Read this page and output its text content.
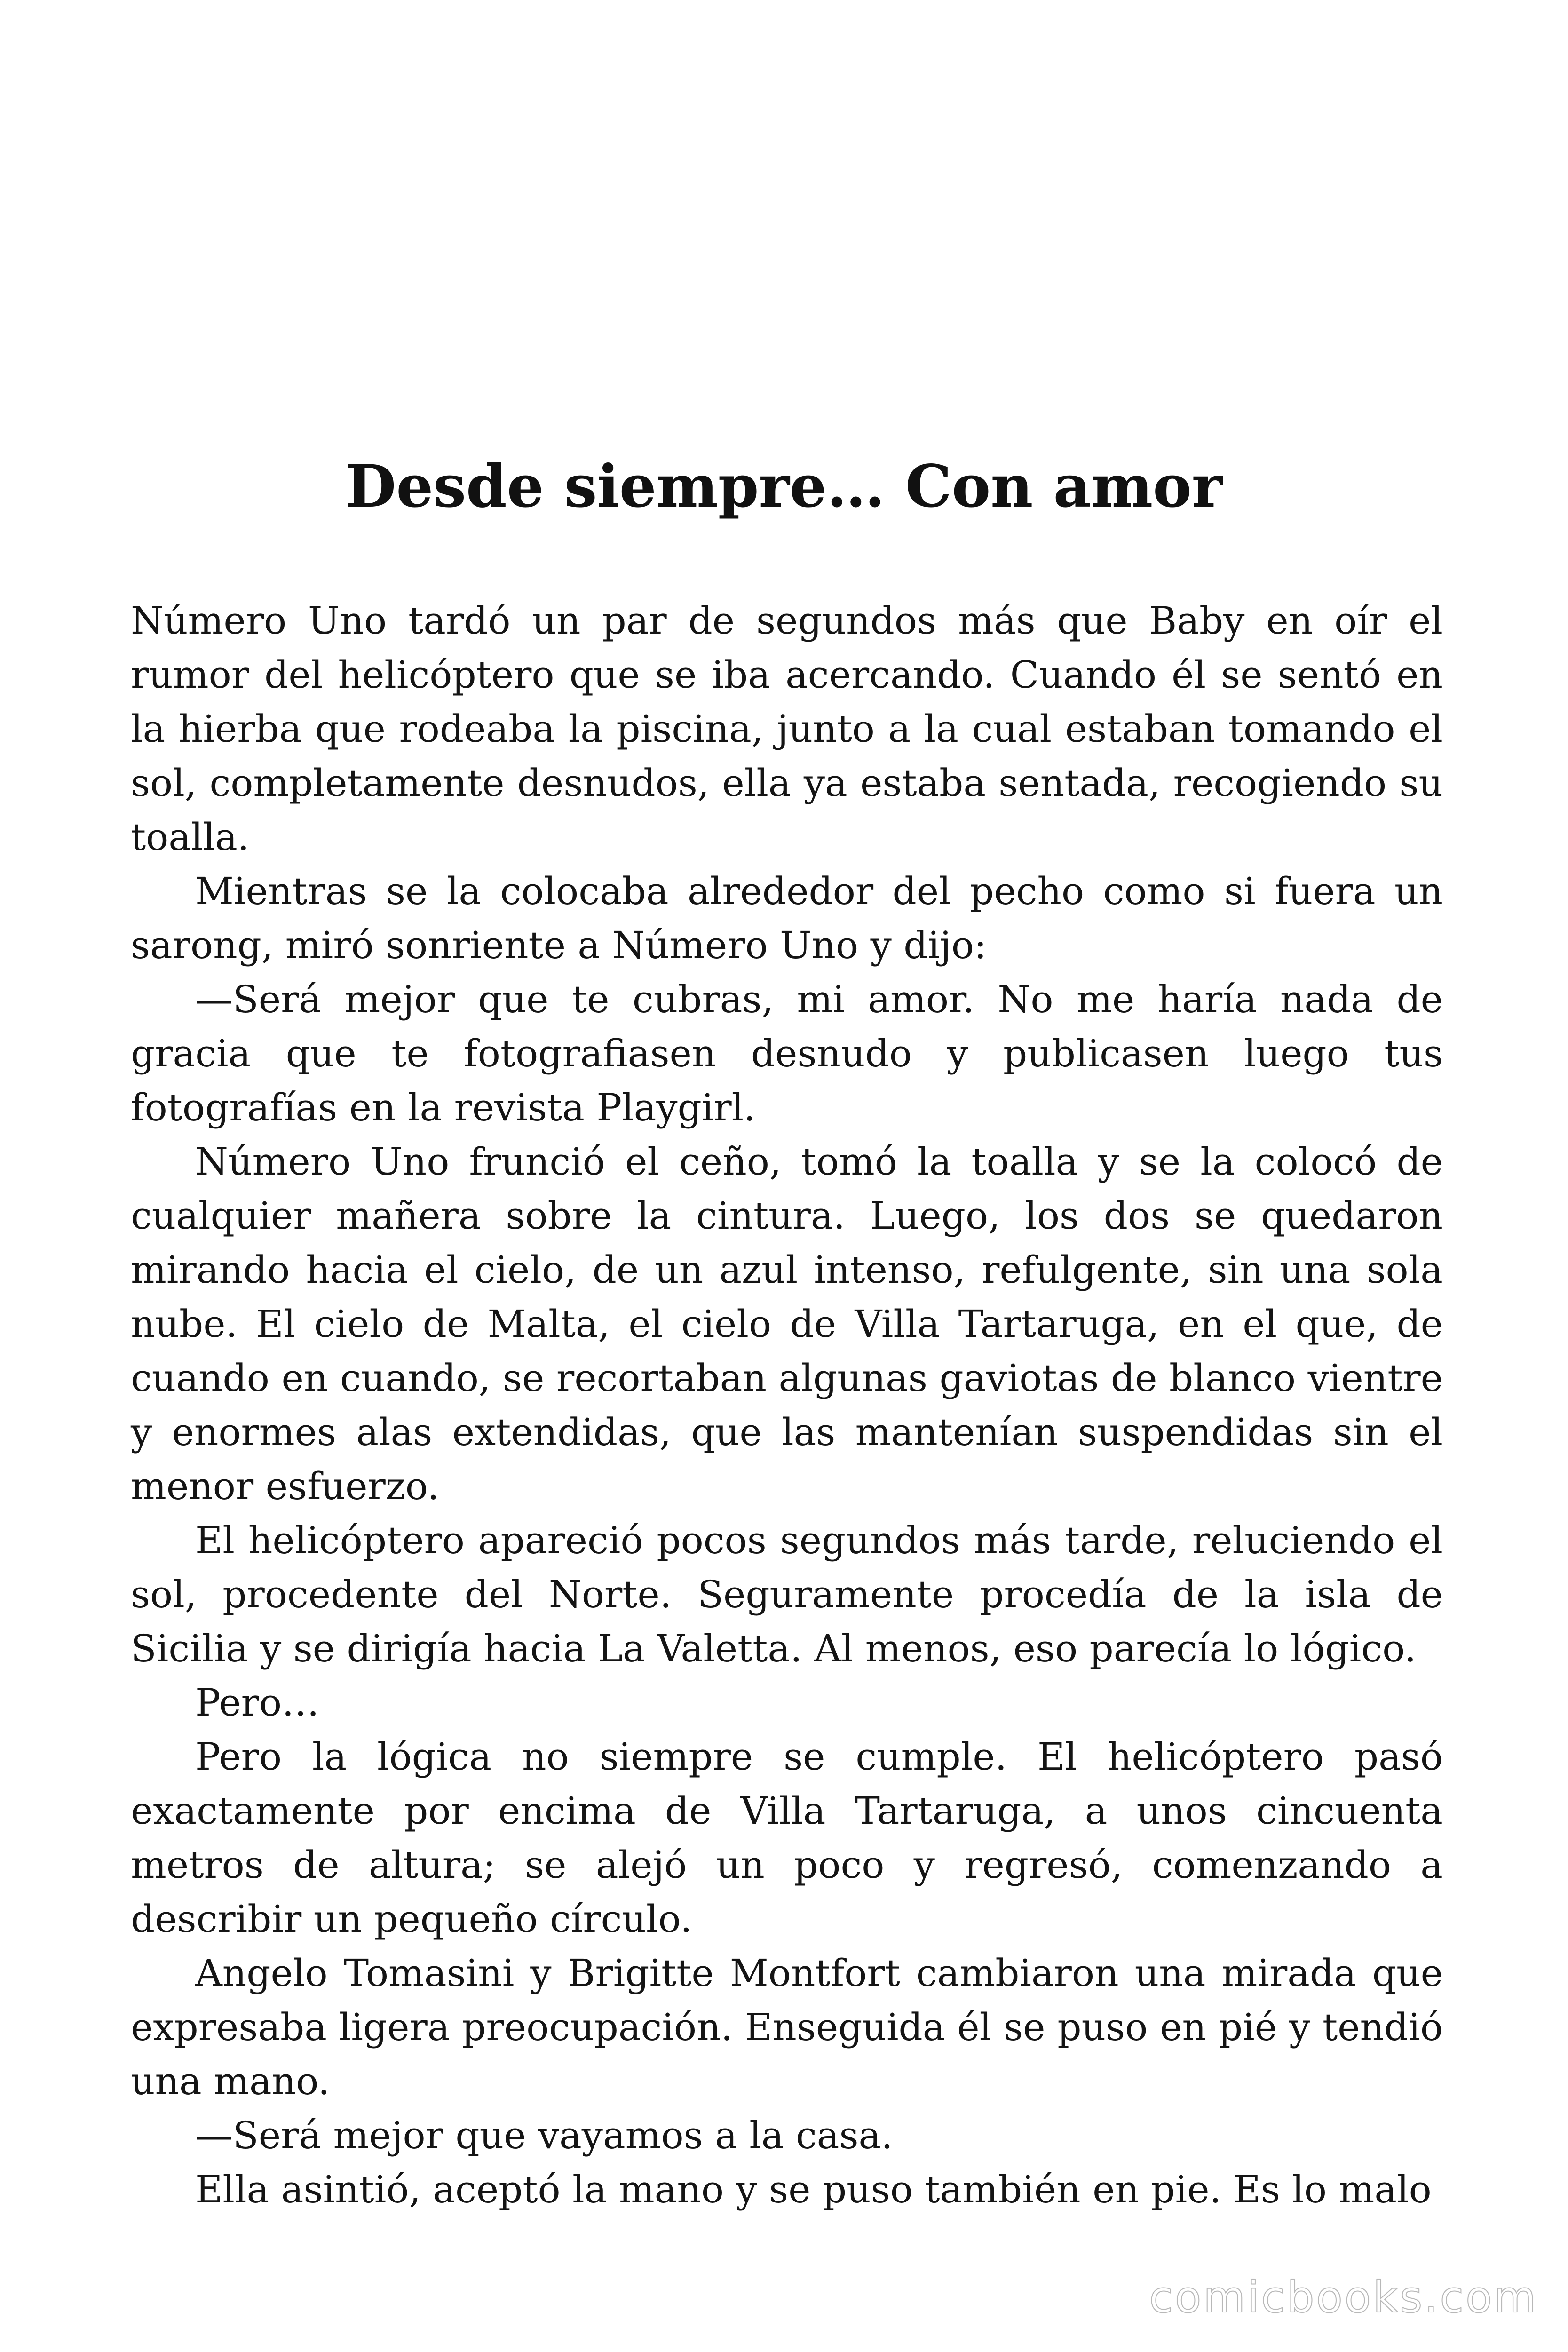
Desde siempre… Con amor

Número Uno tardó un par de segundos más que Baby en oír el rumor del helicóptero que se iba acercando. Cuando él se sentó en la hierba que rodeaba la piscina, junto a la cual estaban tomando el sol, completamente desnudos, ella ya estaba sentada, recogiendo su toalla.

Mientras se la colocaba alrededor del pecho como si fuera un sarong, miró sonriente a Número Uno y dijo:

—Será mejor que te cubras, mi amor. No me haría nada de gracia que te fotografiasen desnudo y publicasen luego tus fotografías en la revista Playgirl.

Número Uno frunció el ceño, tomó la toalla y se la colocó de cualquier mañera sobre la cintura. Luego, los dos se quedaron mirando hacia el cielo, de un azul intenso, refulgente, sin una sola nube. El cielo de Malta, el cielo de Villa Tartaruga, en el que, de cuando en cuando, se recortaban algunas gaviotas de blanco vientre y enormes alas extendidas, que las mantenían suspendidas sin el menor esfuerzo.

El helicóptero apareció pocos segundos más tarde, reluciendo el sol, procedente del Norte. Seguramente procedía de la isla de Sicilia y se dirigía hacia La Valetta. Al menos, eso parecía lo lógico.

Pero…

Pero la lógica no siempre se cumple. El helicóptero pasó exactamente por encima de Villa Tartaruga, a unos cincuenta metros de altura; se alejó un poco y regresó, comenzando a describir un pequeño círculo.

Angelo Tomasini y Brigitte Montfort cambiaron una mirada que expresaba ligera preocupación. Enseguida él se puso en pié y tendió una mano.

—Será mejor que vayamos a la casa.

Ella asintió, aceptó la mano y se puso también en pie. Es lo malo

comicbooks.com
